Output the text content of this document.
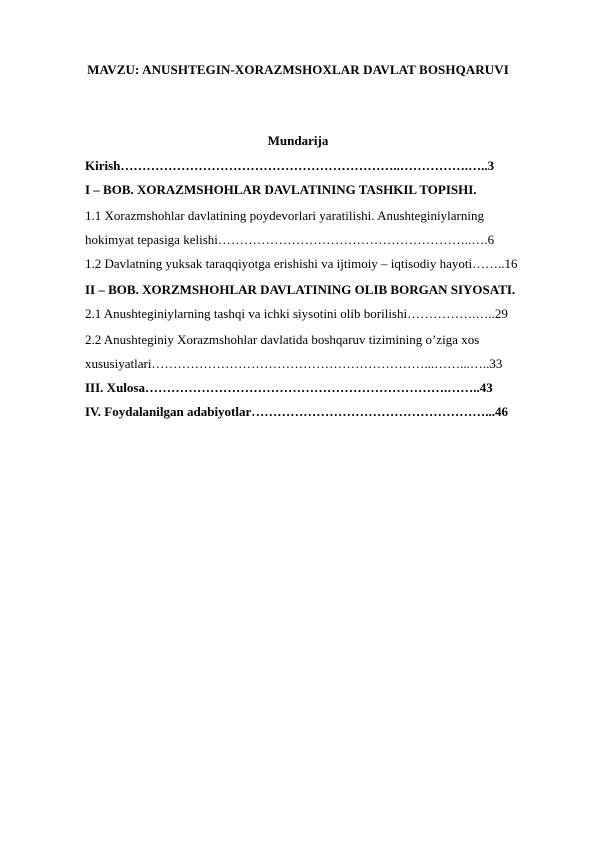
MAVZU: ANUSHTEGIN-XORAZMSHOXLAR DAVLAT BOSHQARUVI
Mundarija
Kirish………………………………………………………..…………….…..3
I – BOB. XORAZMSHOHLAR DAVLATINING TASHKIL TOPISHI.
1.1 Xorazmshohlar davlatining poydevorlari yaratilishi. Anushteginiylarning
hokimyat tepasiga kelishi…………………………………………………..….6
1.2 Davlatning yuksak taraqqiyotga erishishi va ijtimoiy – iqtisodiy hayoti……..16
II – BOB. XORZMSHOHLAR DAVLATINING OLIB BORGAN SIYOSATI.
2.1 Anushteginiylarning tashqi va ichki siysotini olib borilishi…………….…..29
2.2 Anushteginiy Xorazmshohlar davlatida boshqaruv tizimining o’ziga xos
xususiyatlari………………………………………………………...……...…..33
III. Xulosa…………………………………………………………….……..43
IV. Foydalanilgan adabiyotlar………………………………………………...46
